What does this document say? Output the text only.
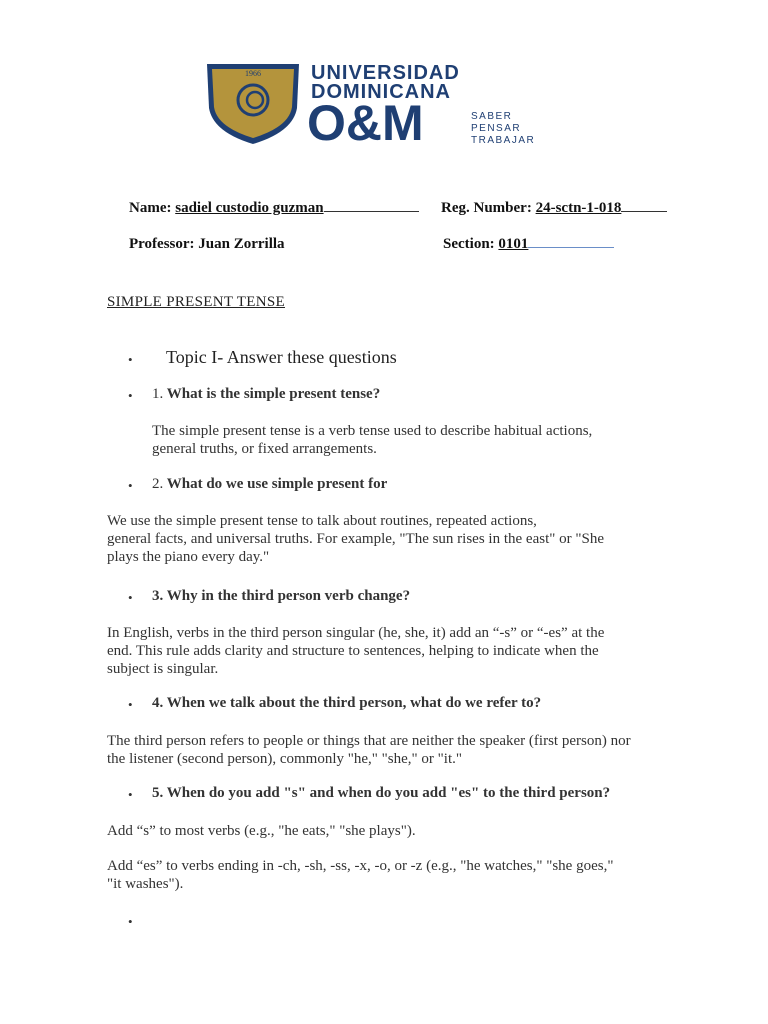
1966	UNIVERSIDAD
DOMINICANA
O&M	SABER
PENSAR
TRABAJAR
Name: sadiel custodio guzman	Reg. Number: 24-sctn-1-018
Professor: Juan Zorrilla	Section: 0101
SIMPLE PRESENT TENSE
• Topic I- Answer these questions
• 1. What is the simple present tense?
The simple present tense is a verb tense used to describe habitual actions,
general truths, or fixed arrangements.
• 2. What do we use simple present for
We use the simple present tense to talk about routines, repeated actions,
general facts, and universal truths. For example, "The sun rises in the east" or "She
plays the piano every day."
• 3. Why in the third person verb change?
In English, verbs in the third person singular (he, she, it) add an “-s” or “-es” at the
end. This rule adds clarity and structure to sentences, helping to indicate when the
subject is singular.
• 4. When we talk about the third person, what do we refer to?
The third person refers to people or things that are neither the speaker (first person) nor
the listener (second person), commonly "he," "she," or "it."
• 5. When do you add "s" and when do you add "es" to the third person?
Add “s” to most verbs (e.g., "he eats," "she plays").
Add “es” to verbs ending in -ch, -sh, -ss, -x, -o, or -z (e.g., "he watches," "she goes,"
"it washes").
•
